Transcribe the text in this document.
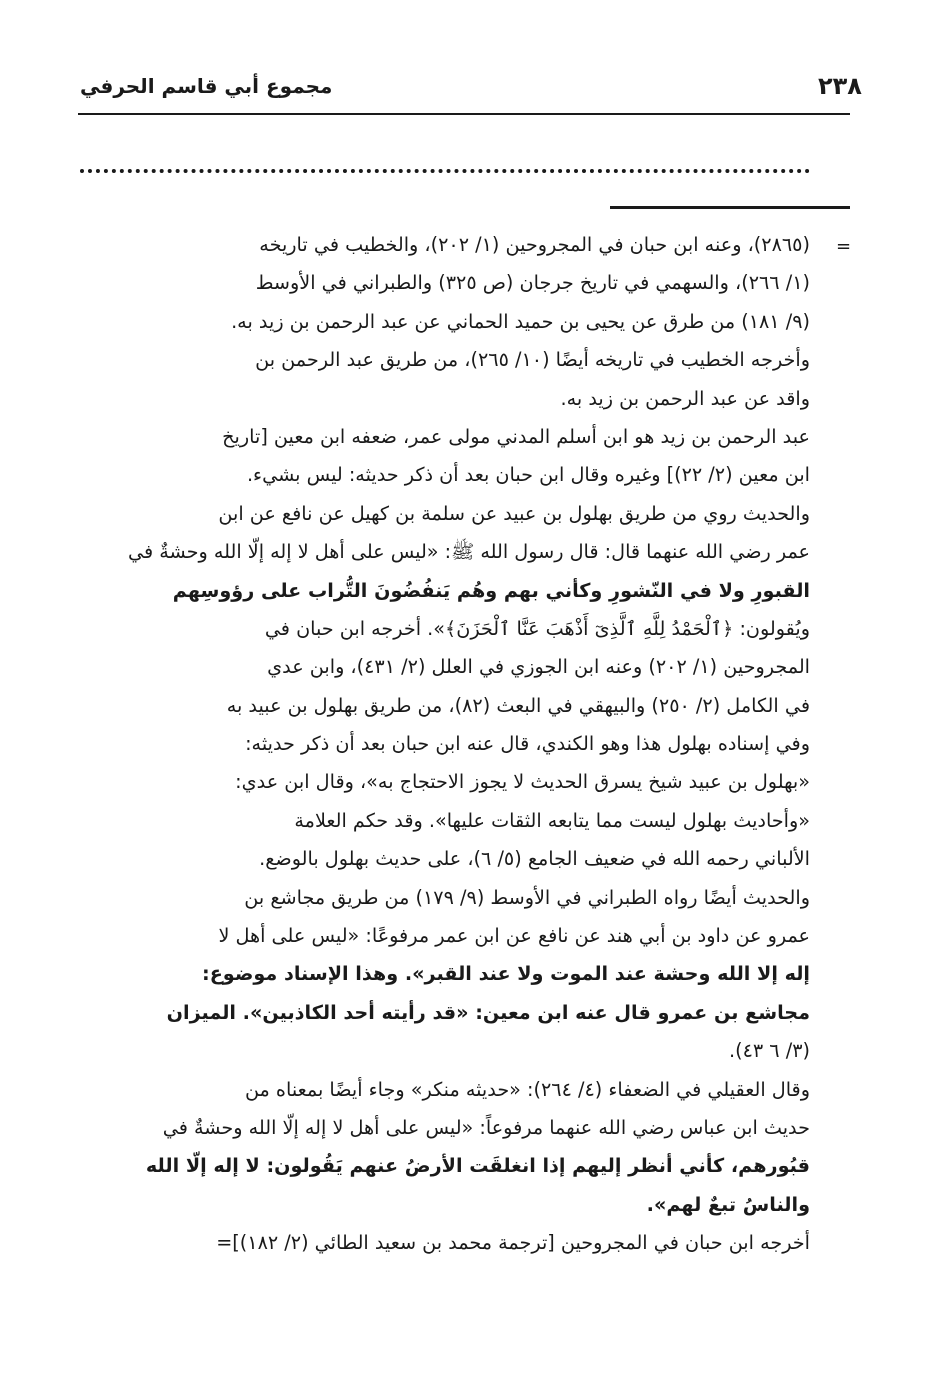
٢٣٨
مجموع أبي قاسم الحرفي
=
(٢٨٦٥)، وعنه ابن حبان في المجروحين (١/ ٢٠٢)، والخطيب في تاريخه
(١/ ٢٦٦)، والسهمي في تاريخ جرجان (ص ٣٢٥) والطبراني في الأوسط
(٩/ ١٨١) من طرق عن يحيى بن حميد الحماني عن عبد الرحمن بن زيد به.
وأخرجه الخطيب في تاريخه أيضًا (١٠/ ٢٦٥)، من طريق عبد الرحمن بن
واقد عن عبد الرحمن بن زيد به.
عبد الرحمن بن زيد هو ابن أسلم المدني مولى عمر، ضعفه ابن معين [تاريخ
ابن معين (٢/ ٢٢)] وغيره وقال ابن حبان بعد أن ذكر حديثه: ليس بشيء.
والحديث روي من طريق بهلول بن عبيد عن سلمة بن كهيل عن نافع عن ابن
عمر رضي الله عنهما قال: قال رسول الله ﷺ: «ليس على أهل لا إله إلّا الله وحشةٌ في
القبورِ ولا في النّشورِ وكأني بهم وهُم يَنفُضُونَ التُّراب على رؤوسِهم
ويُقولون: ﴿ٱلْحَمْدُ لِلَّهِ ٱلَّذِىٓ أَذْهَبَ عَنَّا ٱلْحَزَنَ﴾». أخرجه ابن حبان في
المجروحين (١/ ٢٠٢) وعنه ابن الجوزي في العلل (٢/ ٤٣١)، وابن عدي
في الكامل (٢/ ٢٥٠) والبيهقي في البعث (٨٢)، من طريق بهلول بن عبيد به
وفي إسناده بهلول هذا وهو الكندي، قال عنه ابن حبان بعد أن ذكر حديثه:
«بهلول بن عبيد شيخ يسرق الحديث لا يجوز الاحتجاج به»، وقال ابن عدي:
«وأحاديث بهلول ليست مما يتابعه الثقات عليها». وقد حكم العلامة
الألباني رحمه الله في ضعيف الجامع (٥/ ٦)، على حديث بهلول بالوضع.
والحديث أيضًا رواه الطبراني في الأوسط (٩/ ١٧٩) من طريق مجاشع بن
عمرو عن داود بن أبي هند عن نافع عن ابن عمر مرفوعًا: «ليس على أهل لا
إله إلا الله وحشة عند الموت ولا عند القبر». وهذا الإسناد موضوع:
مجاشع بن عمرو قال عنه ابن معين: «قد رأيته أحد الكاذبين». الميزان
(٣/ ٦ ٤٣).
وقال العقيلي في الضعفاء (٤/ ٢٦٤): «حديثه منكر» وجاء أيضًا بمعناه من
حديث ابن عباس رضي الله عنهما مرفوعاً: «ليس على أهل لا إله إلّا الله وحشةٌ في
قبُورهم، كأني أنظر إليهم إذا انغلقَت الأرضُ عنهم يَقُولون: لا إله إلّا الله
والناسُ تبعٌ لهم».
أخرجه ابن حبان في المجروحين [ترجمة محمد بن سعيد الطائي (٢/ ١٨٢)]=
